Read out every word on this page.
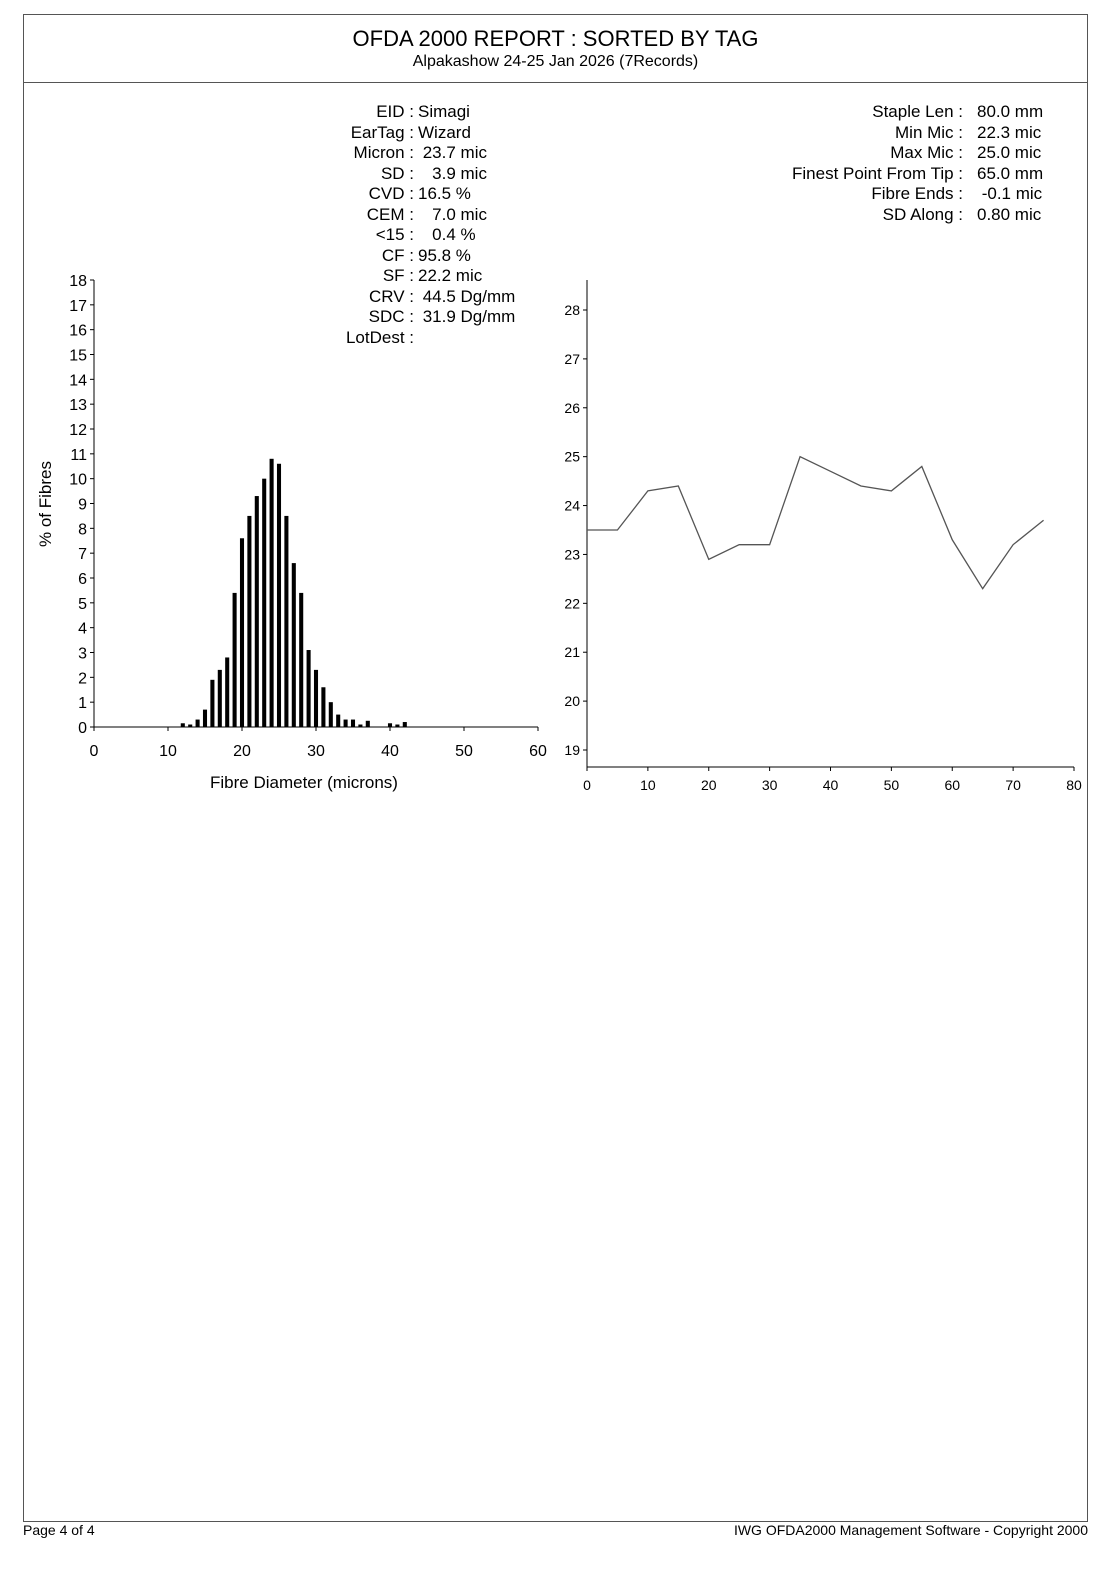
OFDA 2000 REPORT : SORTED BY TAG
Alpakashow 24-25 Jan 2026 (7Records)
EID : Simagi
EarTag : Wizard
Micron : 23.7 mic
SD : 3.9 mic
CVD : 16.5 %
CEM : 7.0 mic
<15 : 0.4 %
CF : 95.8 %
SF : 22.2 mic
CRV : 44.5 Dg/mm
SDC : 31.9 Dg/mm
LotDest :
Staple Len : 80.0 mm
Min Mic : 22.3 mic
Max Mic : 25.0 mic
Finest Point From Tip : 65.0 mm
Fibre Ends : -0.1 mic
SD Along : 0.80 mic
0
1
2
3
4
5
6
7
8
9
10
11
12
13
14
15
16
17
18
0	10	20	30	40	50	60
Fibre Diameter (microns)
% of Fibres
19
20
21
22
23
24
25
26
27
28
0	10	20	30	40	50	60	70	80
Page 4 of 4	IWG OFDA2000 Management Software - Copyright 2000
